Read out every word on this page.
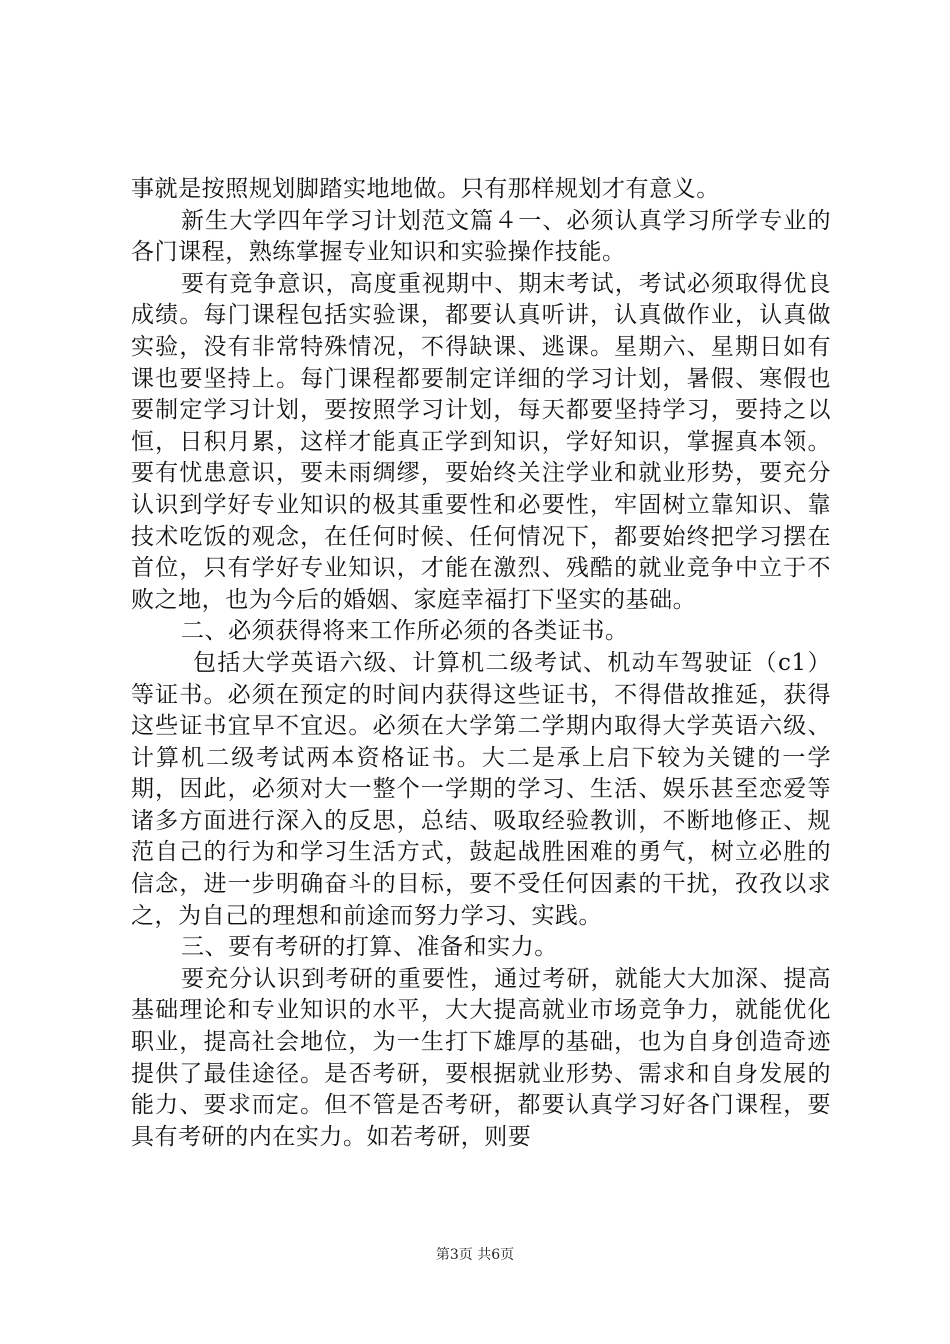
事就是按照规划脚踏实地地做。只有那样规划才有意义。

新生大学四年学习计划范文篇４一、必须认真学习所学专业的各门课程，熟练掌握专业知识和实验操作技能。

要有竞争意识，高度重视期中、期末考试，考试必须取得优良成绩。每门课程包括实验课，都要认真听讲，认真做作业，认真做实验，没有非常特殊情况，不得缺课、逃课。星期六、星期日如有课也要坚持上。每门课程都要制定详细的学习计划，暑假、寒假也要制定学习计划，要按照学习计划，每天都要坚持学习，要持之以恒，日积月累，这样才能真正学到知识，学好知识，掌握真本领。要有忧患意识，要未雨绸缪，要始终关注学业和就业形势，要充分认识到学好专业知识的极其重要性和必要性，牢固树立靠知识、靠技术吃饭的观念，在任何时候、任何情况下，都要始终把学习摆在首位，只有学好专业知识，才能在激烈、残酷的就业竞争中立于不败之地，也为今后的婚姻、家庭幸福打下坚实的基础。

二、必须获得将来工作所必须的各类证书。

包括大学英语六级、计算机二级考试、机动车驾驶证（c1）等证书。必须在预定的时间内获得这些证书，不得借故推延，获得这些证书宜早不宜迟。必须在大学第二学期内取得大学英语六级、计算机二级考试两本资格证书。大二是承上启下较为关键的一学期，因此，必须对大一整个一学期的学习、生活、娱乐甚至恋爱等诸多方面进行深入的反思，总结、吸取经验教训，不断地修正、规范自己的行为和学习生活方式，鼓起战胜困难的勇气，树立必胜的信念，进一步明确奋斗的目标，要不受任何因素的干扰，孜孜以求之，为自己的理想和前途而努力学习、实践。

三、要有考研的打算、准备和实力。

要充分认识到考研的重要性，通过考研，就能大大加深、提高基础理论和专业知识的水平，大大提高就业市场竞争力，就能优化职业，提高社会地位，为一生打下雄厚的基础，也为自身创造奇迹提供了最佳途径。是否考研，要根据就业形势、需求和自身发展的能力、要求而定。但不管是否考研，都要认真学习好各门课程，要具有考研的内在实力。如若考研，则要

第3页 共6页
